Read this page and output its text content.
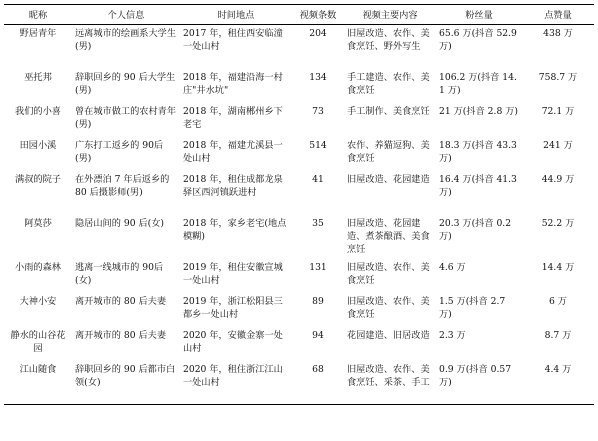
昵称	个人信息	时间地点	视频条数	视频主要内容	粉丝量	点赞量
野居青年	远离城市的绘画系大学生(男)	2017 年，租住西安临潼一处山村	204	旧屋改造、农作、美食烹饪、野外写生	65.6 万(抖音 52.9 万)	438 万
巫托邦	辞职回乡的 90 后大学生(男)	2018 年，福建沿海一村庄"井水坑"	134	手工建造、农作、美食烹饪	106.2 万(抖音 14.1 万)	758.7 万
我们的小喜	曾在城市做工的农村青年(男)	2018 年，湖南郴州乡下老宅	73	手工制作、美食烹饪	21 万(抖音 2.8 万)	72.1 万
田园小溪	广东打工返乡的 90后(男)	2018 年，福建尤溪县一处山村	514	农作、养猫逗狗、美食烹饪	18.3 万(抖音 43.3 万)	241 万
满叔的院子	在外漂泊 7 年后返乡的 80 后摄影师(男)	2018 年，租住成都龙泉驿区西河镇跃进村	41	旧屋改造、花园建造	16.4 万(抖音 41.3 万)	44.9 万
阿莫莎	隐居山间的 90 后(女)	2018 年，家乡老宅(地点模糊)	35	旧屋改造、花园建造、煮茶酿酒、美食烹饪	20.3 万(抖音 0.2 万)	52.2 万
小雨的森林	逃离一线城市的 90后(女)	2019 年，租住安徽宣城一处山村	131	旧屋改造、农作、美食烹饪	4.6 万	14.4 万
大神小安	离开城市的 80 后夫妻	2019 年，浙江松阳县三都乡一处山村	89	旧屋改造、农作、美食烹饪	1.5 万(抖音 2.7 万)	6 万
静水的山谷花园	离开城市的 80 后夫妻	2020 年，安徽金寨一处山村	94	花园建造、旧居改造	2.3 万	8.7 万
江山随食	辞职回乡的 90 后都市白领(女)	2020 年，租住浙江江山一处山村	68	旧屋改造、农作、美食烹饪、采茶、手工	0.9 万(抖音 0.57 万)	4.4 万
